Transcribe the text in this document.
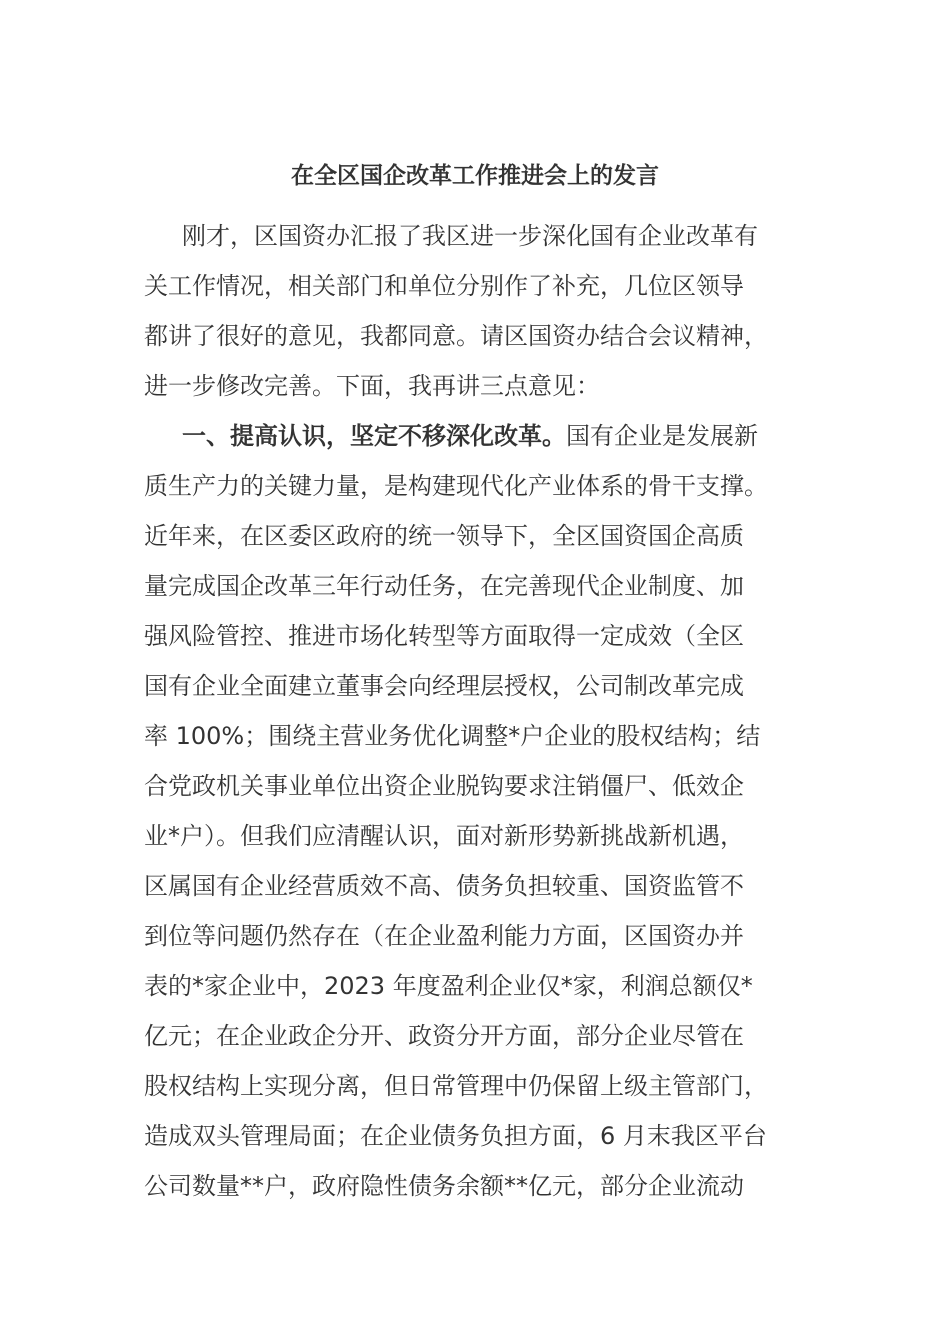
在全区国企改革工作推进会上的发言
刚才，区国资办汇报了我区进一步深化国有企业改革有
关工作情况，相关部门和单位分别作了补充，几位区领导
都讲了很好的意见，我都同意。请区国资办结合会议精神，
进一步修改完善。下面，我再讲三点意见：
一、提高认识，坚定不移深化改革。国有企业是发展新
质生产力的关键力量，是构建现代化产业体系的骨干支撑。
近年来，在区委区政府的统一领导下，全区国资国企高质
量完成国企改革三年行动任务，在完善现代企业制度、加
强风险管控、推进市场化转型等方面取得一定成效（全区
国有企业全面建立董事会向经理层授权，公司制改革完成
率 100%；围绕主营业务优化调整*户企业的股权结构；结
合党政机关事业单位出资企业脱钩要求注销僵尸、低效企
业*户）。但我们应清醒认识，面对新形势新挑战新机遇，
区属国有企业经营质效不高、债务负担较重、国资监管不
到位等问题仍然存在（在企业盈利能力方面，区国资办并
表的*家企业中，2023 年度盈利企业仅*家，利润总额仅*
亿元；在企业政企分开、政资分开方面，部分企业尽管在
股权结构上实现分离，但日常管理中仍保留上级主管部门，
造成双头管理局面；在企业债务负担方面，6 月末我区平台
公司数量**户，政府隐性债务余额**亿元，部分企业流动
